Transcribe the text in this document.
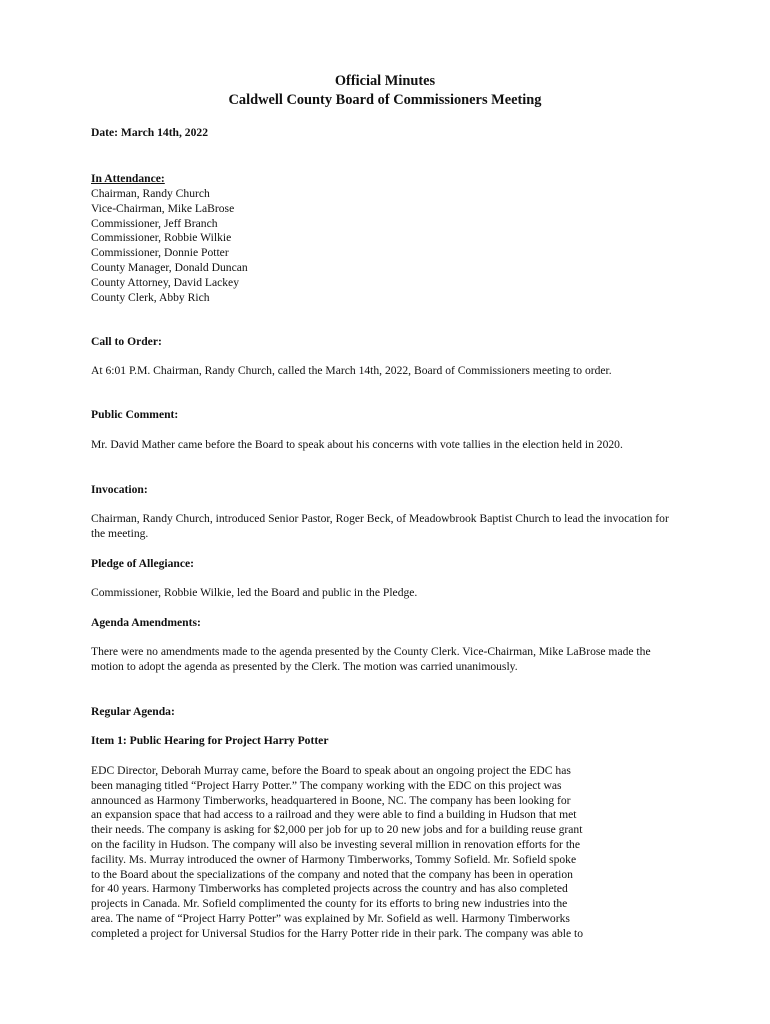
Official Minutes
Caldwell County Board of Commissioners Meeting
Date: March 14th, 2022
In Attendance:
Chairman, Randy Church
Vice-Chairman, Mike LaBrose
Commissioner, Jeff Branch
Commissioner, Robbie Wilkie
Commissioner, Donnie Potter
County Manager, Donald Duncan
County Attorney, David Lackey
County Clerk, Abby Rich
Call to Order:
At 6:01 P.M. Chairman, Randy Church, called the March 14th, 2022, Board of Commissioners meeting to order.
Public Comment:
Mr. David Mather came before the Board to speak about his concerns with vote tallies in the election held in 2020.
Invocation:
Chairman, Randy Church, introduced Senior Pastor, Roger Beck, of Meadowbrook Baptist Church to lead the invocation for the meeting.
Pledge of Allegiance:
Commissioner, Robbie Wilkie, led the Board and public in the Pledge.
Agenda Amendments:
There were no amendments made to the agenda presented by the County Clerk. Vice-Chairman, Mike LaBrose made the motion to adopt the agenda as presented by the Clerk. The motion was carried unanimously.
Regular Agenda:
Item 1: Public Hearing for Project Harry Potter
EDC Director, Deborah Murray came, before the Board to speak about an ongoing project the EDC has
been managing titled “Project Harry Potter.” The company working with the EDC on this project was
announced as Harmony Timberworks, headquartered in Boone, NC. The company has been looking for
an expansion space that had access to a railroad and they were able to find a building in Hudson that met
their needs. The company is asking for $2,000 per job for up to 20 new jobs and for a building reuse grant
on the facility in Hudson. The company will also be investing several million in renovation efforts for the
facility. Ms. Murray introduced the owner of Harmony Timberworks, Tommy Sofield. Mr. Sofield spoke
to the Board about the specializations of the company and noted that the company has been in operation
for 40 years. Harmony Timberworks has completed projects across the country and has also completed
projects in Canada. Mr. Sofield complimented the county for its efforts to bring new industries into the
area. The name of “Project Harry Potter” was explained by Mr. Sofield as well. Harmony Timberworks
completed a project for Universal Studios for the Harry Potter ride in their park. The company was able to
